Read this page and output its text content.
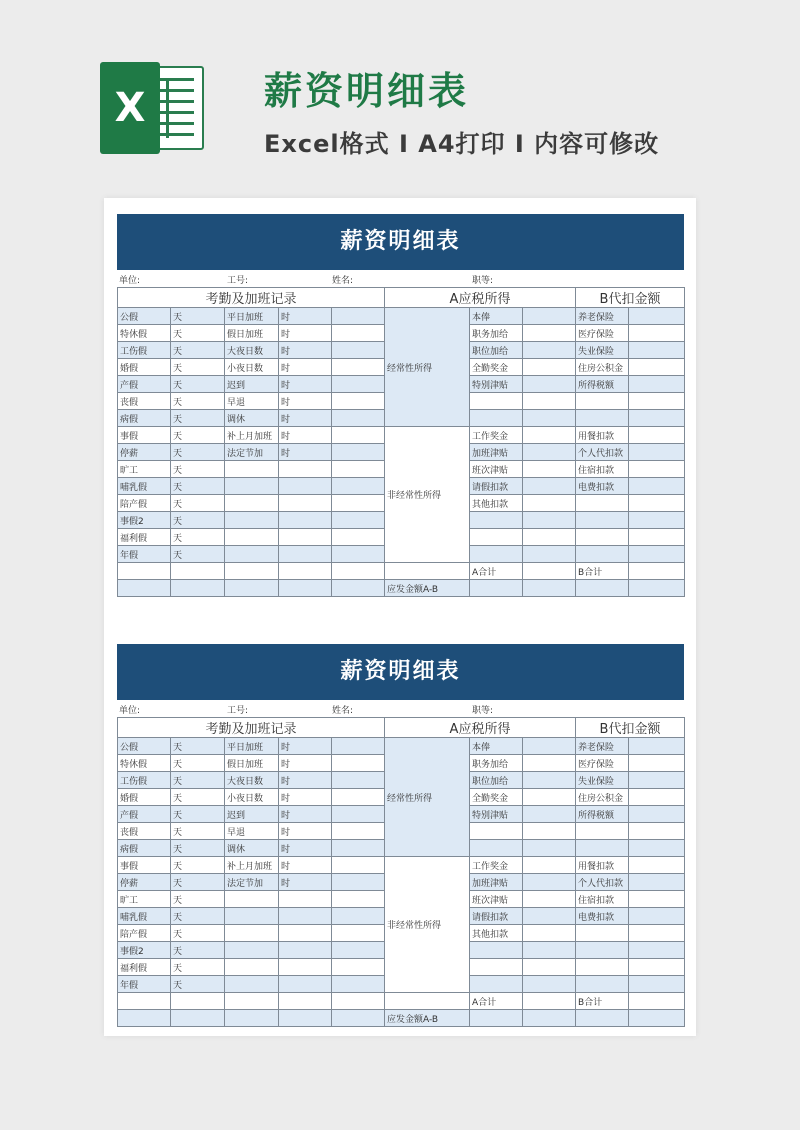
X	薪资明细表
Excel格式 I A4打印 I 内容可修改
薪资明细表
单位:	工号:	姓名:	职等:
考勤及加班记录					A应税所得			B代扣金额	
公假	天	平日加班	时		经常性所得	本俸		养老保险	
特休假	天	假日加班	时			职务加给		医疗保险	
工伤假	天	大夜日数	时			职位加给		失业保险	
婚假	天	小夜日数	时			全勤奖金		住房公积金	
产假	天	迟到	时			特别津贴		所得税额	
丧假	天	早退	时						
病假	天	调休	时						
事假	天	补上月加班	时		非经常性所得	工作奖金		用餐扣款	
停薪	天	法定节加	时			加班津贴		个人代扣款	
旷工	天					班次津贴		住宿扣款	
哺乳假	天					请假扣款		电费扣款	
陪产假	天					其他扣款			
事假2	天								
福利假	天								
年假	天								
						A合计		B合计	
					应发金额A-B				
薪资明细表
单位:	工号:	姓名:	职等:
考勤及加班记录					A应税所得			B代扣金额	
公假	天	平日加班	时		经常性所得	本俸		养老保险	
特休假	天	假日加班	时			职务加给		医疗保险	
工伤假	天	大夜日数	时			职位加给		失业保险	
婚假	天	小夜日数	时			全勤奖金		住房公积金	
产假	天	迟到	时			特别津贴		所得税额	
丧假	天	早退	时						
病假	天	调休	时						
事假	天	补上月加班	时		非经常性所得	工作奖金		用餐扣款	
停薪	天	法定节加	时			加班津贴		个人代扣款	
旷工	天					班次津贴		住宿扣款	
哺乳假	天					请假扣款		电费扣款	
陪产假	天					其他扣款			
事假2	天								
福利假	天								
年假	天								
						A合计		B合计	
					应发金额A-B				
